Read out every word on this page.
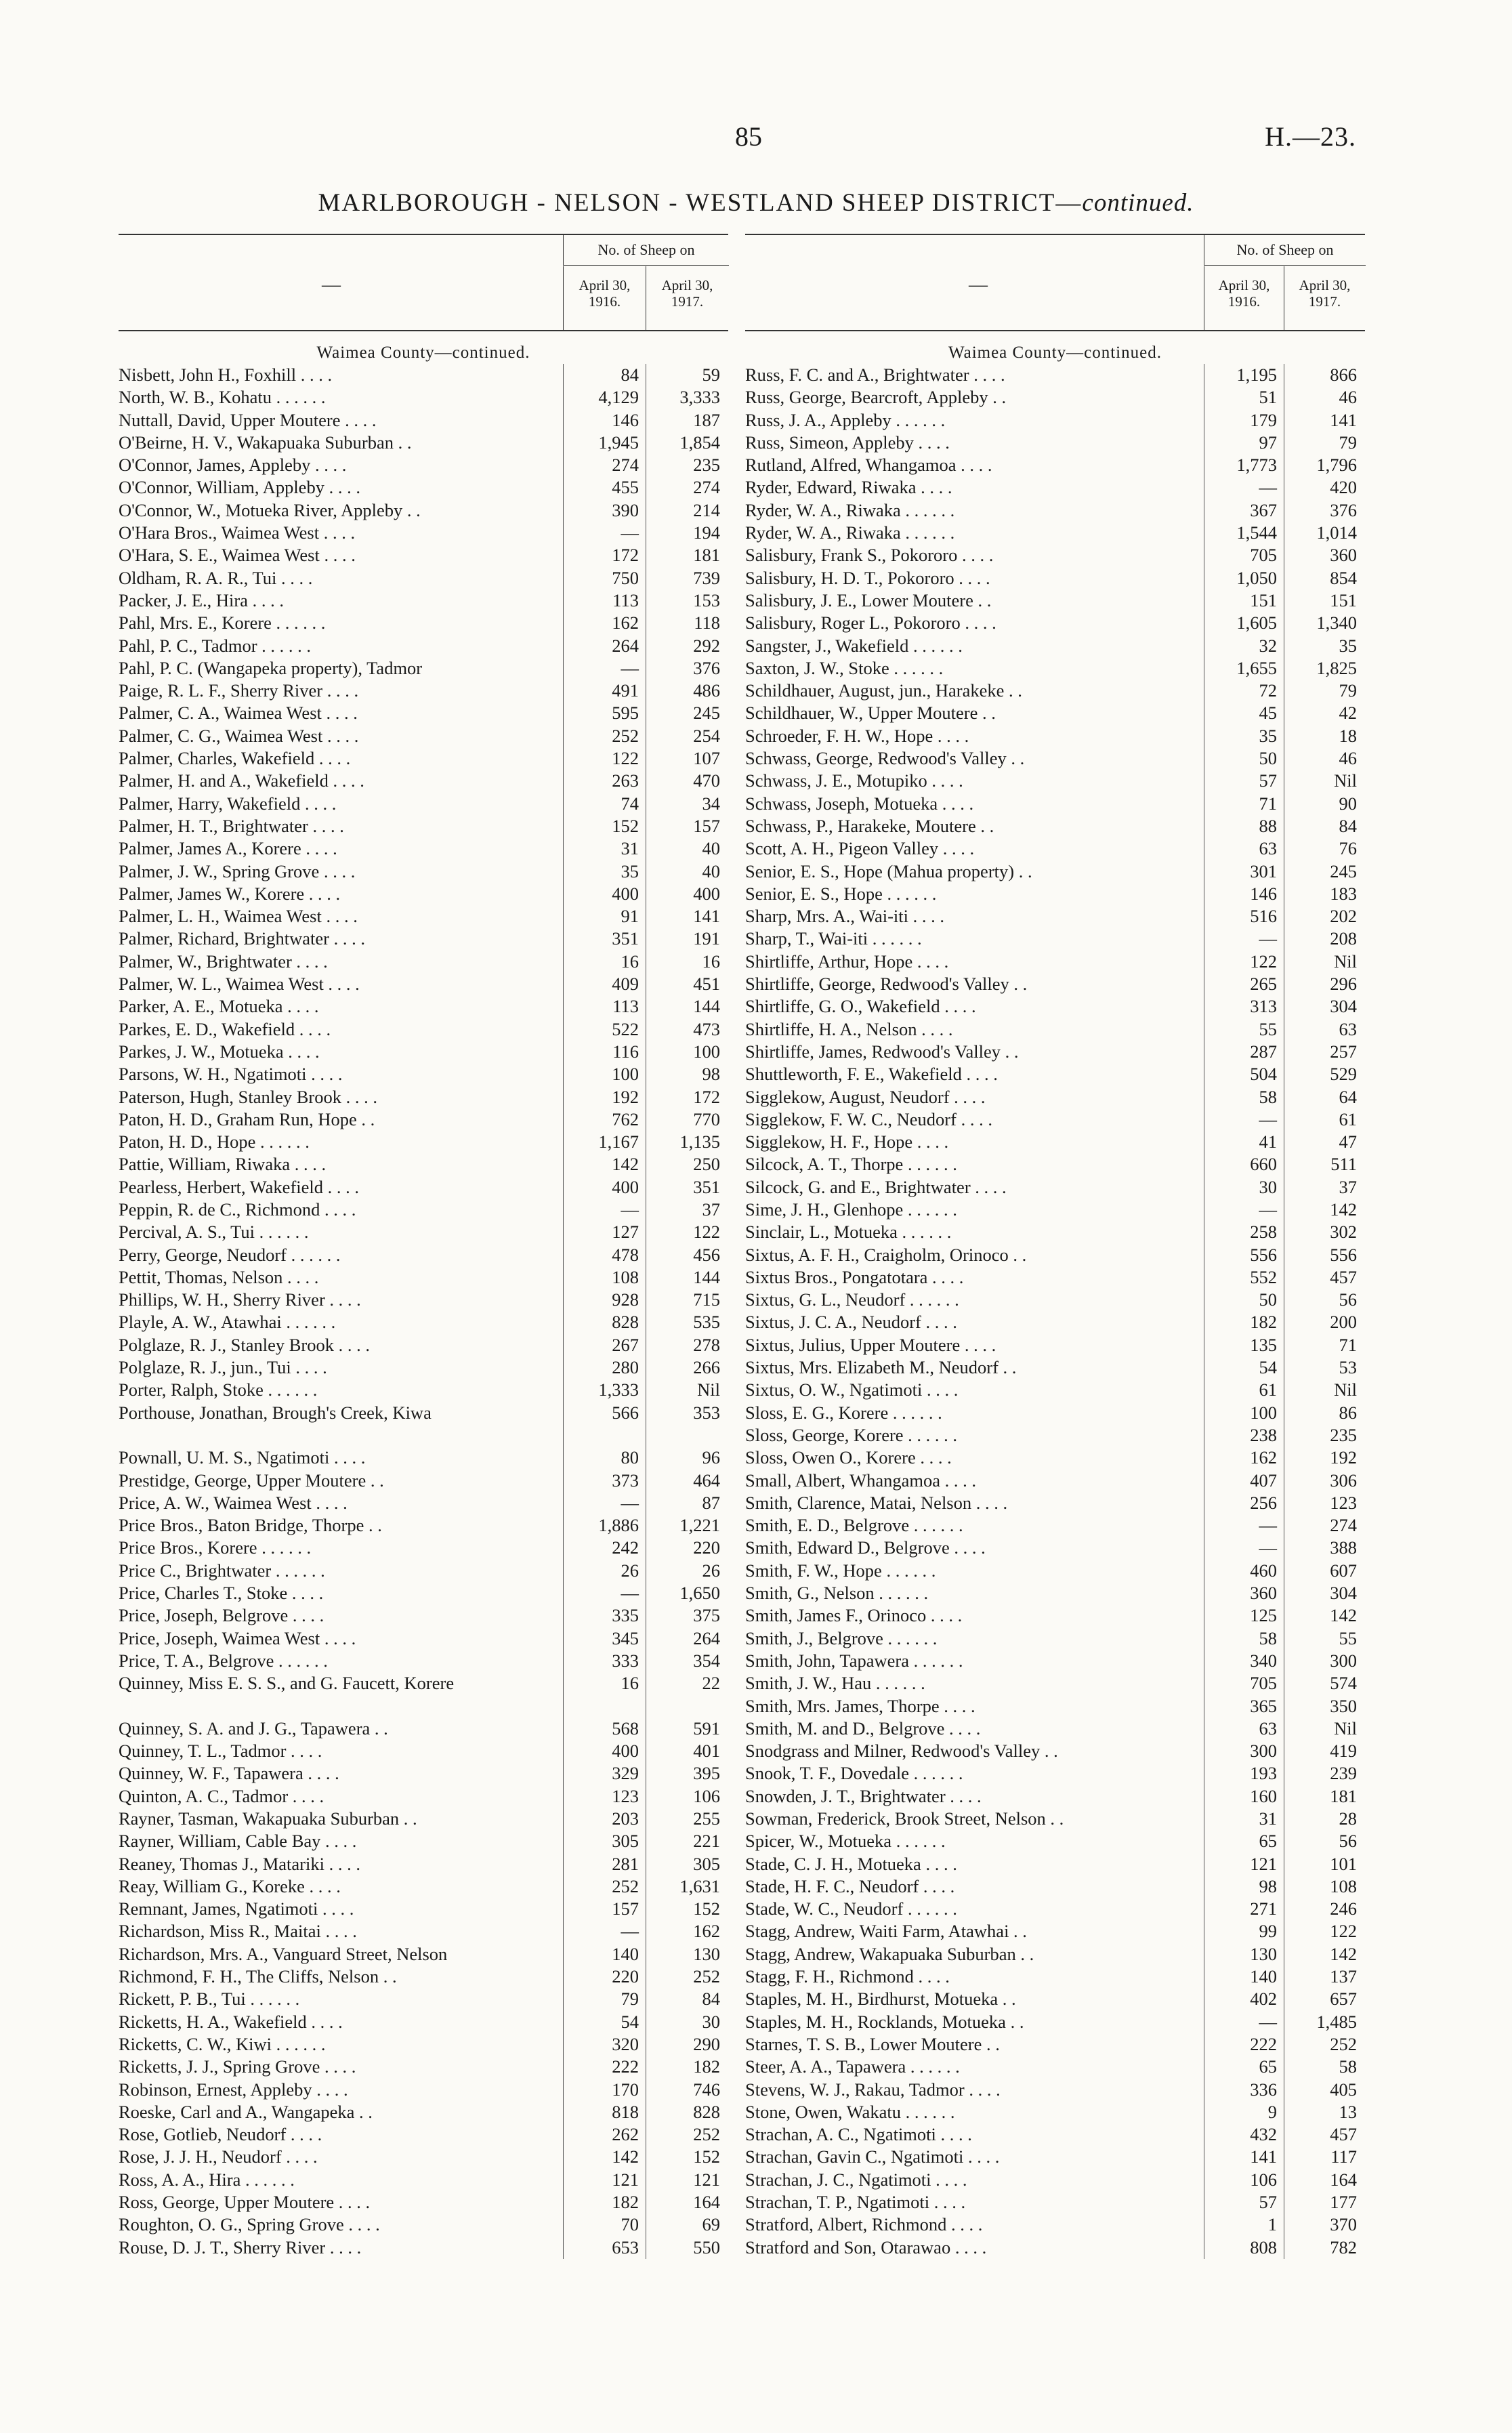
85	H.—23.
MARLBOROUGH - NELSON - WESTLAND SHEEP DISTRICT—continued.
—
No. of Sheep on
April 30,
1916.
April 30,
1917.
Waimea County—continued.
Nisbett, John H., Foxhill . . . .	84	59
North, W. B., Kohatu . . . . . .	4,129 3,333
Nuttall, David, Upper Moutere . . . .	146	187
O'Beirne, H. V., Wakapuaka Suburban . .	1,945 1,854
O'Connor, James, Appleby . . . .	274	235
O'Connor, William, Appleby . . . .	455	274
O'Connor, W., Motueka River, Appleby . .	390	214
O'Hara Bros., Waimea West . . . .	—	194
O'Hara, S. E., Waimea West . . . .	172	181
Oldham, R. A. R., Tui . . . .	750	739
Packer, J. E., Hira . . . .	113	153
Pahl, Mrs. E., Korere . . . . . .	162	118
Pahl, P. C., Tadmor . . . . . .	264	292
Pahl, P. C. (Wangapeka property), Tadmor	—	376
Paige, R. L. F., Sherry River . . . .	491	486
Palmer, C. A., Waimea West . . . .	595	245
Palmer, C. G., Waimea West . . . .	252	254
Palmer, Charles, Wakefield . . . .	122	107
Palmer, H. and A., Wakefield . . . .	263	470
Palmer, Harry, Wakefield . . . .	74	34
Palmer, H. T., Brightwater . . . .	152	157
Palmer, James A., Korere . . . .	31	40
Palmer, J. W., Spring Grove . . . .	35	40
Palmer, James W., Korere . . . .	400	400
Palmer, L. H., Waimea West . . . .	91	141
Palmer, Richard, Brightwater . . . .	351	191
Palmer, W., Brightwater . . . .	16	16
Palmer, W. L., Waimea West . . . .	409	451
Parker, A. E., Motueka . . . .	113	144
Parkes, E. D., Wakefield . . . .	522	473
Parkes, J. W., Motueka . . . .	116	100
Parsons, W. H., Ngatimoti . . . .	100	98
Paterson, Hugh, Stanley Brook . . . .	192	172
Paton, H. D., Graham Run, Hope . .	762	770
Paton, H. D., Hope . . . . . .	1,167 1,135
Pattie, William, Riwaka . . . .	142	250
Pearless, Herbert, Wakefield . . . .	400	351
Peppin, R. de C., Richmond . . . .	—	37
Percival, A. S., Tui . . . . . .	127	122
Perry, George, Neudorf . . . . . .	478	456
Pettit, Thomas, Nelson . . . .	108	144
Phillips, W. H., Sherry River . . . .	928	715
Playle, A. W., Atawhai . . . . . .	828	535
Polglaze, R. J., Stanley Brook . . . .	267	278
Polglaze, R. J., jun., Tui . . . .	280	266
Porter, Ralph, Stoke . . . . . .	1,333	Nil
Porthouse, Jonathan, Brough's Creek, Kiwa	566	353
Pownall, U. M. S., Ngatimoti . . . .	80	96
Prestidge, George, Upper Moutere . .	373	464
Price, A. W., Waimea West . . . .	—	87
Price Bros., Baton Bridge, Thorpe . .	1,886 1,221
Price Bros., Korere . . . . . .	242	220
Price C., Brightwater . . . . . .	26	26
Price, Charles T., Stoke . . . .	— 1,650
Price, Joseph, Belgrove . . . .	335	375
Price, Joseph, Waimea West . . . .	345	264
Price, T. A., Belgrove . . . . . .	333	354
Quinney, Miss E. S. S., and G. Faucett, Korere	16	22
Quinney, S. A. and J. G., Tapawera . .	568	591
Quinney, T. L., Tadmor . . . .	400	401
Quinney, W. F., Tapawera . . . .	329	395
Quinton, A. C., Tadmor . . . .	123	106
Rayner, Tasman, Wakapuaka Suburban . .	203	255
Rayner, William, Cable Bay . . . .	305	221
Reaney, Thomas J., Matariki . . . .	281	305
Reay, William G., Koreke . . . .	252 1,631
Remnant, James, Ngatimoti . . . .	157	152
Richardson, Miss R., Maitai . . . .	—	162
Richardson, Mrs. A., Vanguard Street, Nelson	140	130
Richmond, F. H., The Cliffs, Nelson . .	220	252
Rickett, P. B., Tui . . . . . .	79	84
Ricketts, H. A., Wakefield . . . .	54	30
Ricketts, C. W., Kiwi . . . . . .	320	290
Ricketts, J. J., Spring Grove . . . .	222	182
Robinson, Ernest, Appleby . . . .	170	746
Roeske, Carl and A., Wangapeka . .	818	828
Rose, Gotlieb, Neudorf . . . .	262	252
Rose, J. J. H., Neudorf . . . .	142	152
Ross, A. A., Hira . . . . . .	121	121
Ross, George, Upper Moutere . . . .	182	164
Roughton, O. G., Spring Grove . . . .	70	69
Rouse, D. J. T., Sherry River . . . .	653	550
—
No. of Sheep on
April 30,
1916.
April 30,
1917.
Waimea County—continued.
Russ, F. C. and A., Brightwater . . . .	1,195	866
Russ, George, Bearcroft, Appleby . .	51	46
Russ, J. A., Appleby . . . . . .	179	141
Russ, Simeon, Appleby . . . .	97	79
Rutland, Alfred, Whangamoa . . . .	1,773 1,796
Ryder, Edward, Riwaka . . . .	—	420
Ryder, W. A., Riwaka . . . . . .	367	376
Ryder, W. A., Riwaka . . . . . .	1,544 1,014
Salisbury, Frank S., Pokororo . . . .	705	360
Salisbury, H. D. T., Pokororo . . . .	1,050	854
Salisbury, J. E., Lower Moutere . .	151	151
Salisbury, Roger L., Pokororo . . . .	1,605 1,340
Sangster, J., Wakefield . . . . . .	32	35
Saxton, J. W., Stoke . . . . . .	1,655 1,825
Schildhauer, August, jun., Harakeke . .	72	79
Schildhauer, W., Upper Moutere . .	45	42
Schroeder, F. H. W., Hope . . . .	35	18
Schwass, George, Redwood's Valley . .	50	46
Schwass, J. E., Motupiko . . . .	57	Nil
Schwass, Joseph, Motueka . . . .	71	90
Schwass, P., Harakeke, Moutere . .	88	84
Scott, A. H., Pigeon Valley . . . .	63	76
Senior, E. S., Hope (Mahua property) . .	301	245
Senior, E. S., Hope . . . . . .	146	183
Sharp, Mrs. A., Wai-iti . . . .	516	202
Sharp, T., Wai-iti . . . . . .	—	208
Shirtliffe, Arthur, Hope . . . .	122	Nil
Shirtliffe, George, Redwood's Valley . .	265	296
Shirtliffe, G. O., Wakefield . . . .	313	304
Shirtliffe, H. A., Nelson . . . .	55	63
Shirtliffe, James, Redwood's Valley . .	287	257
Shuttleworth, F. E., Wakefield . . . .	504	529
Sigglekow, August, Neudorf . . . .	58	64
Sigglekow, F. W. C., Neudorf . . . .	—	61
Sigglekow, H. F., Hope . . . .	41	47
Silcock, A. T., Thorpe . . . . . .	660	511
Silcock, G. and E., Brightwater . . . .	30	37
Sime, J. H., Glenhope . . . . . .	—	142
Sinclair, L., Motueka . . . . . .	258	302
Sixtus, A. F. H., Craigholm, Orinoco . .	556	556
Sixtus Bros., Pongatotara . . . .	552	457
Sixtus, G. L., Neudorf . . . . . .	50	56
Sixtus, J. C. A., Neudorf . . . .	182	200
Sixtus, Julius, Upper Moutere . . . .	135	71
Sixtus, Mrs. Elizabeth M., Neudorf . .	54	53
Sixtus, O. W., Ngatimoti . . . .	61	Nil
Sloss, E. G., Korere . . . . . .	100	86
Sloss, George, Korere . . . . . .	238	235
Sloss, Owen O., Korere . . . .	162	192
Small, Albert, Whangamoa . . . .	407	306
Smith, Clarence, Matai, Nelson . . . .	256	123
Smith, E. D., Belgrove . . . . . .	—	274
Smith, Edward D., Belgrove . . . .	—	388
Smith, F. W., Hope . . . . . .	460	607
Smith, G., Nelson . . . . . .	360	304
Smith, James F., Orinoco . . . .	125	142
Smith, J., Belgrove . . . . . .	58	55
Smith, John, Tapawera . . . . . .	340	300
Smith, J. W., Hau . . . . . .	705	574
Smith, Mrs. James, Thorpe . . . .	365	350
Smith, M. and D., Belgrove . . . .	63	Nil
Snodgrass and Milner, Redwood's Valley . .	300	419
Snook, T. F., Dovedale . . . . . .	193	239
Snowden, J. T., Brightwater . . . .	160	181
Sowman, Frederick, Brook Street, Nelson . .	31	28
Spicer, W., Motueka . . . . . .	65	56
Stade, C. J. H., Motueka . . . .	121	101
Stade, H. F. C., Neudorf . . . .	98	108
Stade, W. C., Neudorf . . . . . .	271	246
Stagg, Andrew, Waiti Farm, Atawhai . .	99	122
Stagg, Andrew, Wakapuaka Suburban . .	130	142
Stagg, F. H., Richmond . . . .	140	137
Staples, M. H., Birdhurst, Motueka . .	402	657
Staples, M. H., Rocklands, Motueka . .	— 1,485
Starnes, T. S. B., Lower Moutere . .	222	252
Steer, A. A., Tapawera . . . . . .	65	58
Stevens, W. J., Rakau, Tadmor . . . .	336	405
Stone, Owen, Wakatu . . . . . .	9	13
Strachan, A. C., Ngatimoti . . . .	432	457
Strachan, Gavin C., Ngatimoti . . . .	141	117
Strachan, J. C., Ngatimoti . . . .	106	164
Strachan, T. P., Ngatimoti . . . .	57	177
Stratford, Albert, Richmond . . . .	1	370
Stratford and Son, Otarawao . . . .	808	782
